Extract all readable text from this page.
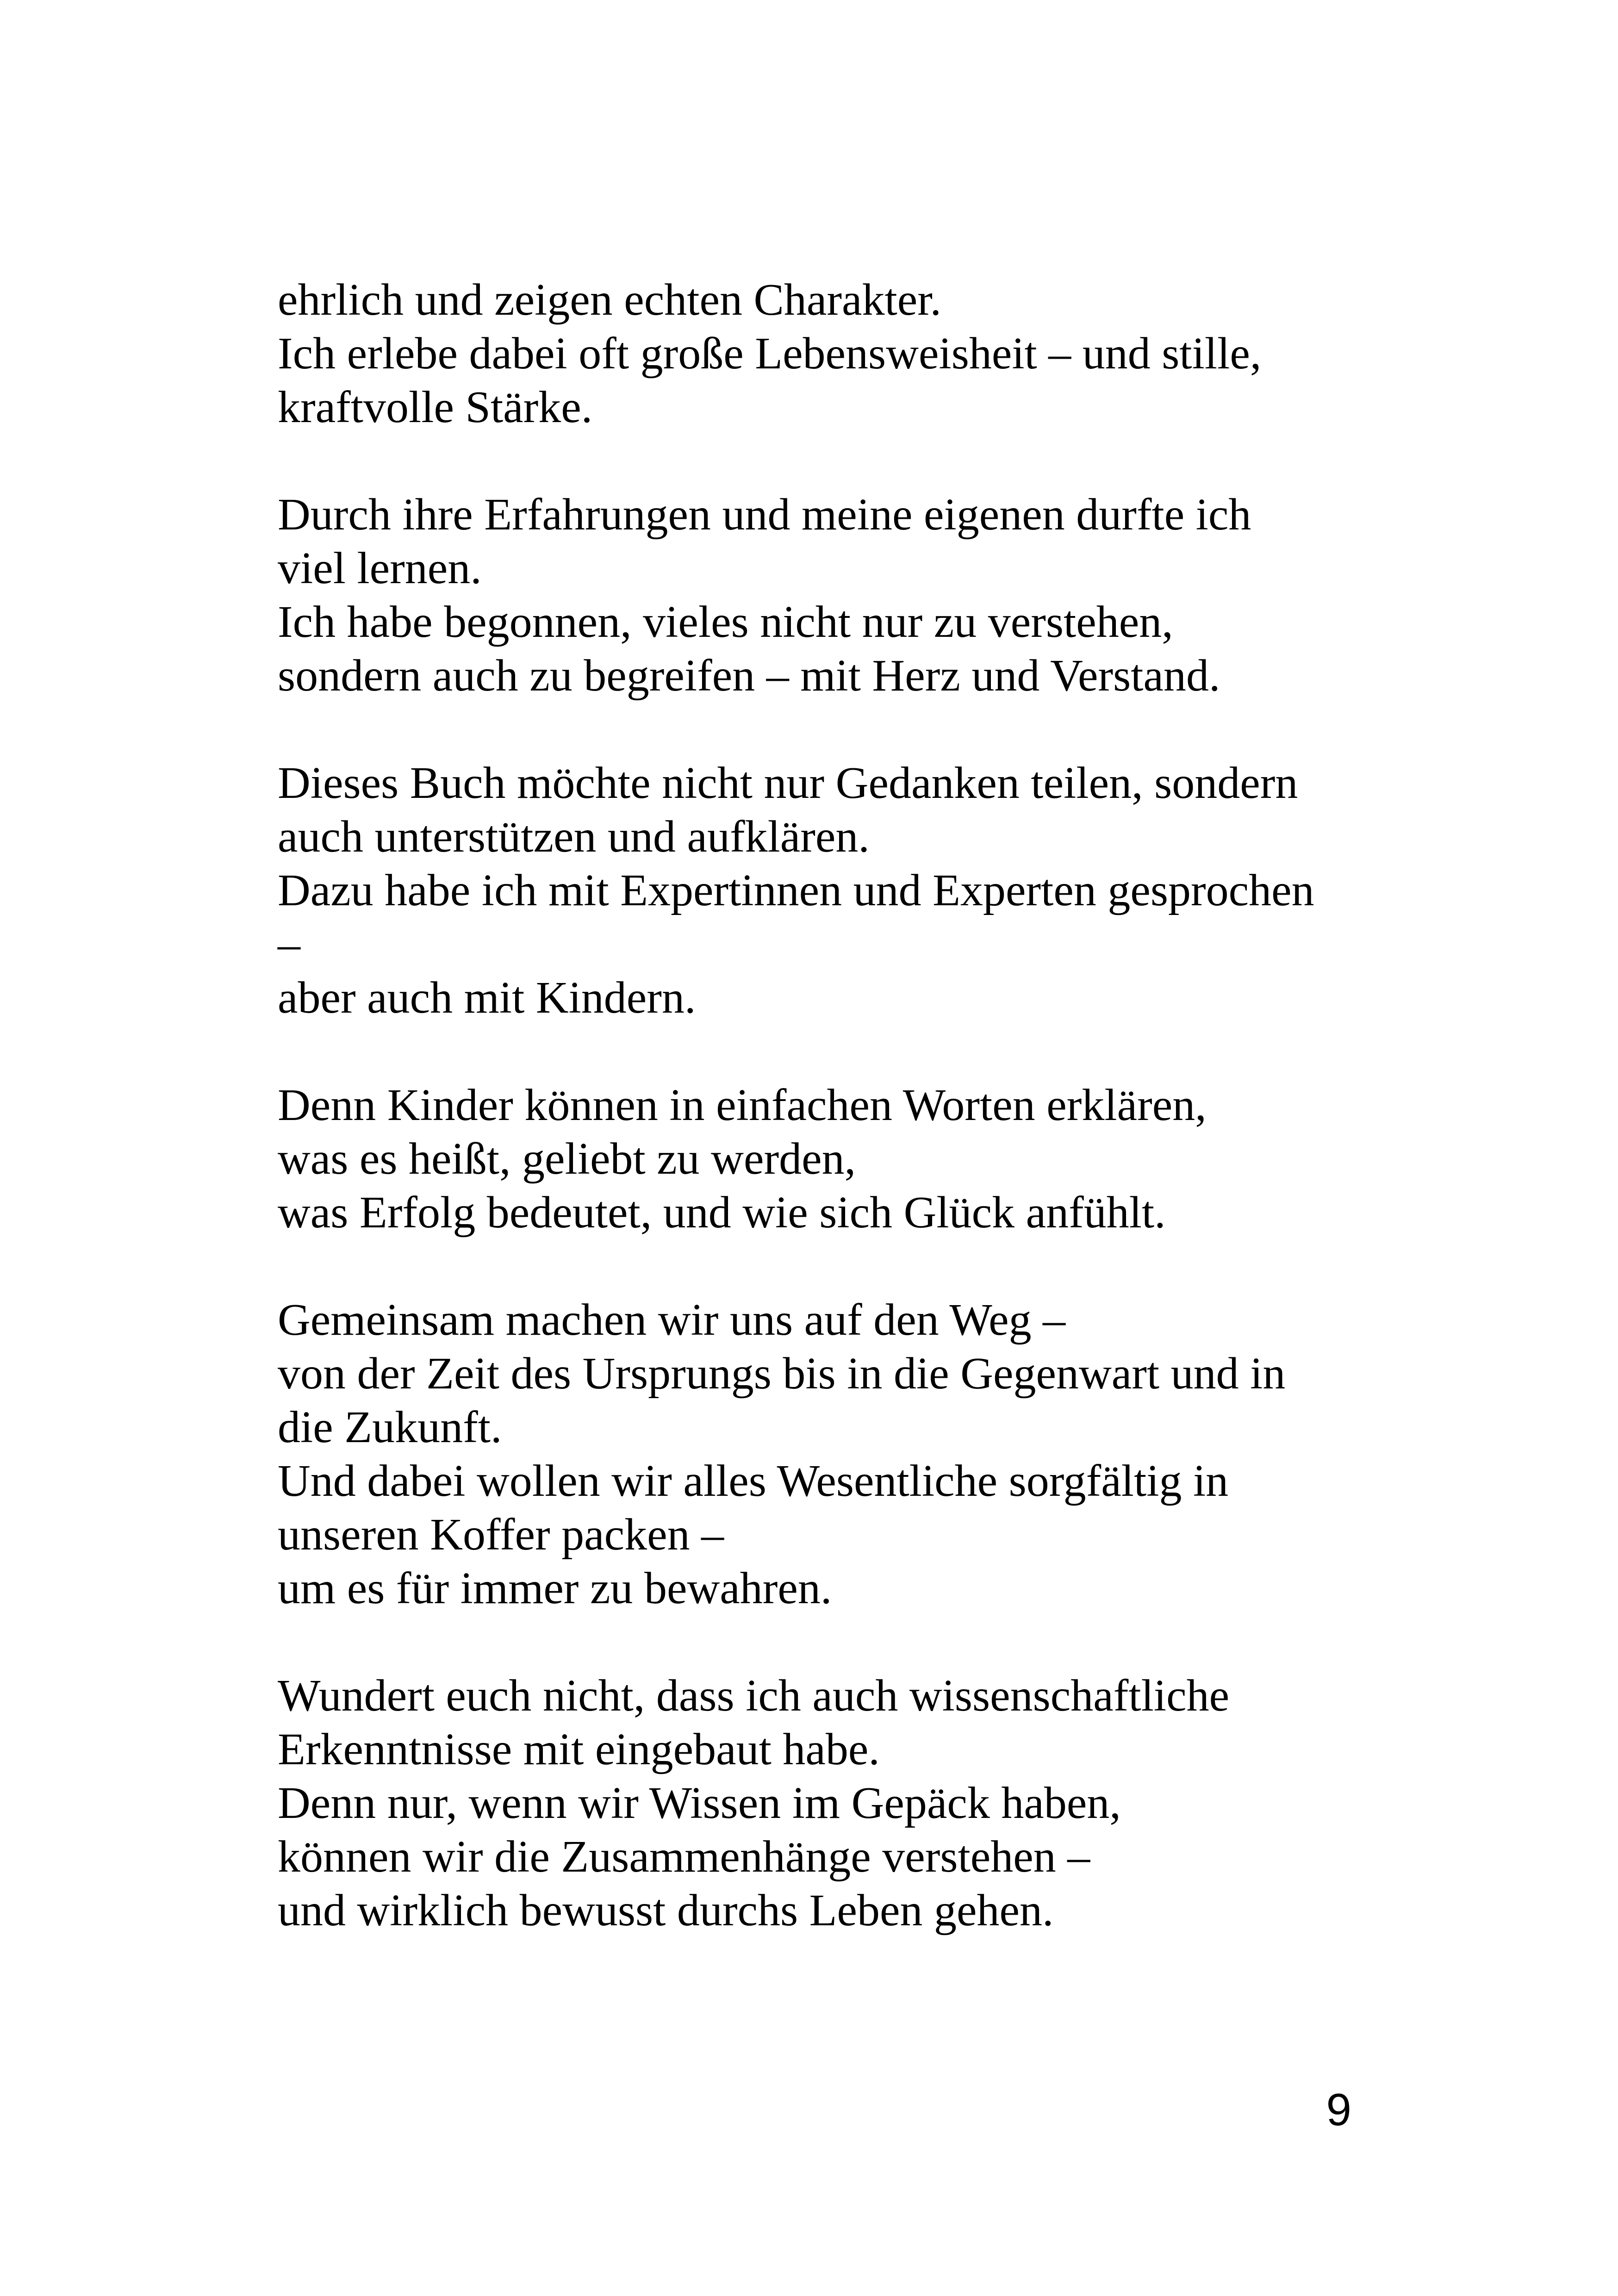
ehrlich und zeigen echten Charakter.
Ich erlebe dabei oft große Lebensweisheit – und stille,
kraftvolle Stärke.
Durch ihre Erfahrungen und meine eigenen durfte ich
viel lernen.
Ich habe begonnen, vieles nicht nur zu verstehen,
sondern auch zu begreifen – mit Herz und Verstand.
Dieses Buch möchte nicht nur Gedanken teilen, sondern
auch unterstützen und aufklären.
Dazu habe ich mit Expertinnen und Experten gesprochen
–
aber auch mit Kindern.
Denn Kinder können in einfachen Worten erklären,
was es heißt, geliebt zu werden,
was Erfolg bedeutet, und wie sich Glück anfühlt.
Gemeinsam machen wir uns auf den Weg –
von der Zeit des Ursprungs bis in die Gegenwart und in
die Zukunft.
Und dabei wollen wir alles Wesentliche sorgfältig in
unseren Koffer packen –
um es für immer zu bewahren.
Wundert euch nicht, dass ich auch wissenschaftliche
Erkenntnisse mit eingebaut habe.
Denn nur, wenn wir Wissen im Gepäck haben,
können wir die Zusammenhänge verstehen –
und wirklich bewusst durchs Leben gehen.
9
